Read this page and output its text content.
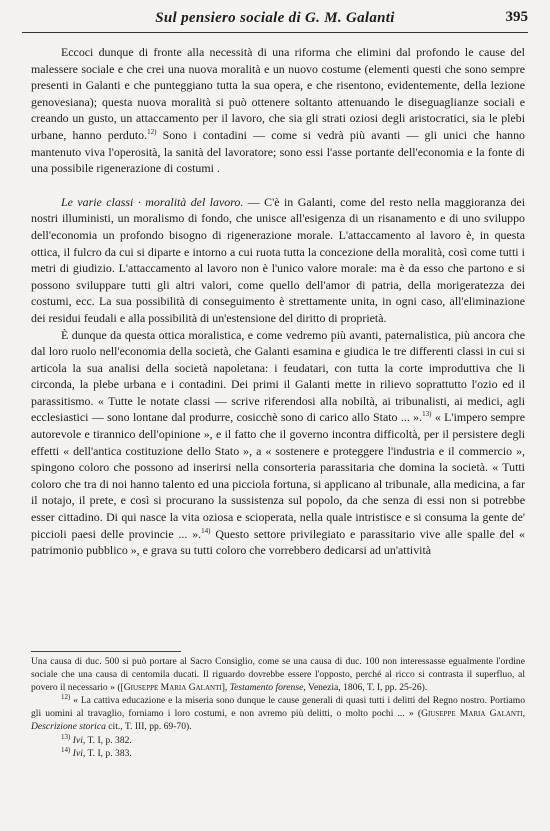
Sul pensiero sociale di G. M. Galanti	395

Eccoci dunque di fronte alla necessità di una riforma che elimini dal profondo le cause del malessere sociale e che crei una nuova moralità e un nuovo costume (elementi questi che sono sempre presenti in Galanti e che punteggiano tutta la sua opera, e che risentono, evidentemente, della lezione genovesiana); questa nuova moralità si può ottenere soltanto attenuando le diseguaglianze sociali e creando un gusto, un attaccamento per il lavoro, che sia gli strati oziosi degli aristocratici, sia le plebi urbane, hanno perduto.$^{12)}$ Sono i contadini — come si vedrà più avanti — gli unici che hanno mantenuto viva l'operosità, la sanità del lavoratore; sono essi l'asse portante dell'economia e la fonte di una possibile rigenerazione di costumi .

Le varie classi · moralità del lavoro. — C'è in Galanti, come del resto nella maggioranza dei nostri illuministi, un moralismo di fondo, che unisce all'esigenza di un risanamento e di uno sviluppo dell'economia un profondo bisogno di rigenerazione morale. L'attaccamento al lavoro è, in questa ottica, il fulcro da cui si diparte e intorno a cui ruota tutta la concezione della moralità, così come tutti i metri di giudizio. L'attaccamento al lavoro non è l'unico valore morale: ma è da esso che partono e si possono sviluppare tutti gli altri valori, come quello dell'amor di patria, della morigeratezza dei costumi, ecc. La sua possibilità di conseguimento è strettamente unita, in ogni caso, all'eliminazione dei residui feudali e alla possibilità di un'estensione del diritto di proprietà.

È dunque da questa ottica moralistica, e come vedremo più avanti, paternalistica, più ancora che dal loro ruolo nell'economia della società, che Galanti esamina e giudica le tre differenti classi in cui si articola la sua analisi della società napoletana: i feudatari, con tutta la corte improduttiva che li circonda, la plebe urbana e i contadini. Dei primi il Galanti mette in rilievo soprattutto l'ozio ed il parassitismo. « Tutte le notate classi — scrive riferendosi alla nobiltà, ai tribunalisti, ai medici, agli ecclesiastici — sono lontane dal produrre, cosicchè sono di carico allo Stato ... ».$^{13)}$ « L'impero sempre autorevole e tirannico dell'opinione », e il fatto che il governo incontra difficoltà, per il persistere degli effetti « dell'antica costituzione dello Stato », a « sostenere e proteggere l'industria e il commercio », spingono coloro che possono ad inserirsi nella consorteria parassitaria che domina la società. « Tutti coloro che tra di noi hanno talento ed una picciola fortuna, si applicano al tribunale, alla medicina, a far il notajo, il prete, e così si procurano la sussistenza sul popolo, da che senza di essi non si potrebbe esser cittadino. Di qui nasce la vita oziosa e scioperata, nella quale intristisce e si consuma la gente de' piccioli paesi delle provincie ... ».$^{14)}$ Questo settore privilegiato e parassitario vive alle spalle del « patrimonio pubblico », e grava su tutti coloro che vorrebbero dedicarsi ad un'attività

Una causa di duc. 500 si può portare al Sacro Consiglio, come se una causa di duc. 100 non interessasse egualmente l'ordine sociale che una causa di centomila ducati. Il riguardo dovrebbe essere l'opposto, perché al ricco si contrasta il superfluo, al povero il necessario » ([Giuseppe Maria Galanti], Testamento forense, Venezia, 1806, T. I, pp. 25-26).

$^{12)}$ « La cattiva educazione e la miseria sono dunque le cause generali di quasi tutti i delitti del Regno nostro. Portiamo gli uomini al travaglio, forniamo i loro costumi, e non avremo più delitti, o molto pochi ... » (Giuseppe Maria Galanti, Descrizione storica cit., T. III, pp. 69-70).

$^{13)}$ Ivi, T. I, p. 382.

$^{14)}$ Ivi, T. I, p. 383.
